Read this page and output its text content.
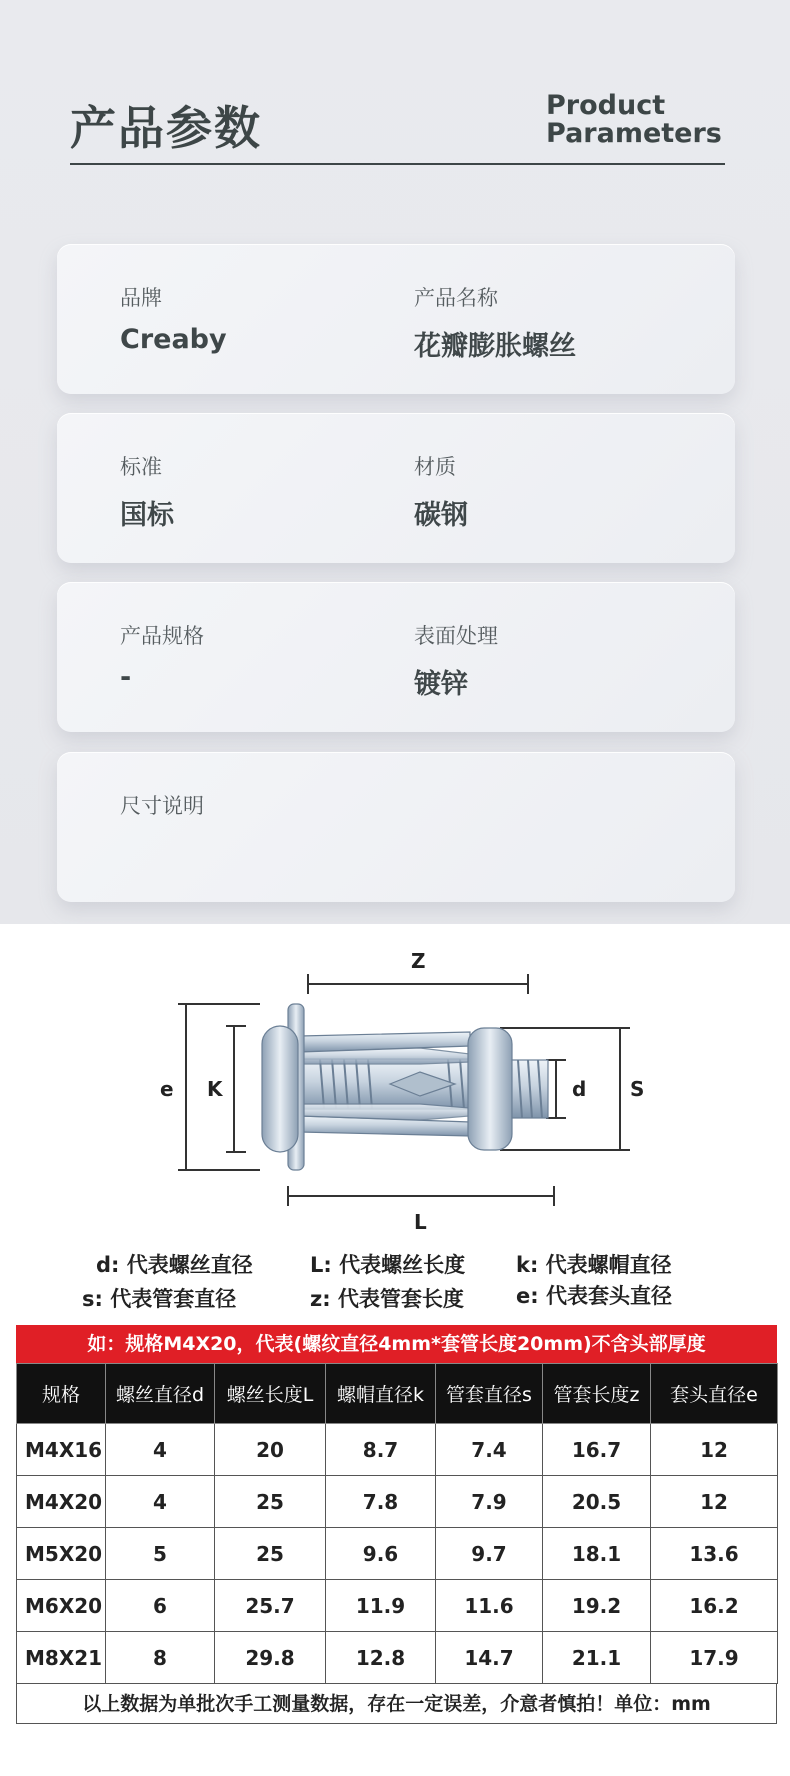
产品参数	Product
Parameters
品牌
Creaby
产品名称
花瓣膨胀螺丝
标准
国标
材质
碳钢
产品规格
-
表面处理
镀锌
尺寸说明
Z
e K	d S
L
d: 代表螺丝直径	L: 代表螺丝长度 k: 代表螺帽直径
s: 代表管套直径	z: 代表管套长度 e: 代表套头直径
如：规格M4X20，代表(螺纹直径4mm*套管长度20mm)不含头部厚度
规格	螺丝直径d	螺丝长度L	螺帽直径k	管套直径s	管套长度z	套头直径e
M4X16	4	20	8.7	7.4	16.7	12
M4X20	4	25	7.8	7.9	20.5	12
M5X20	5	25	9.6	9.7	18.1	13.6
M6X20	6	25.7	11.9	11.6	19.2	16.2
M8X21	8	29.8	12.8	14.7	21.1	17.9
以上数据为单批次手工测量数据，存在一定误差，介意者慎拍！单位：mm
